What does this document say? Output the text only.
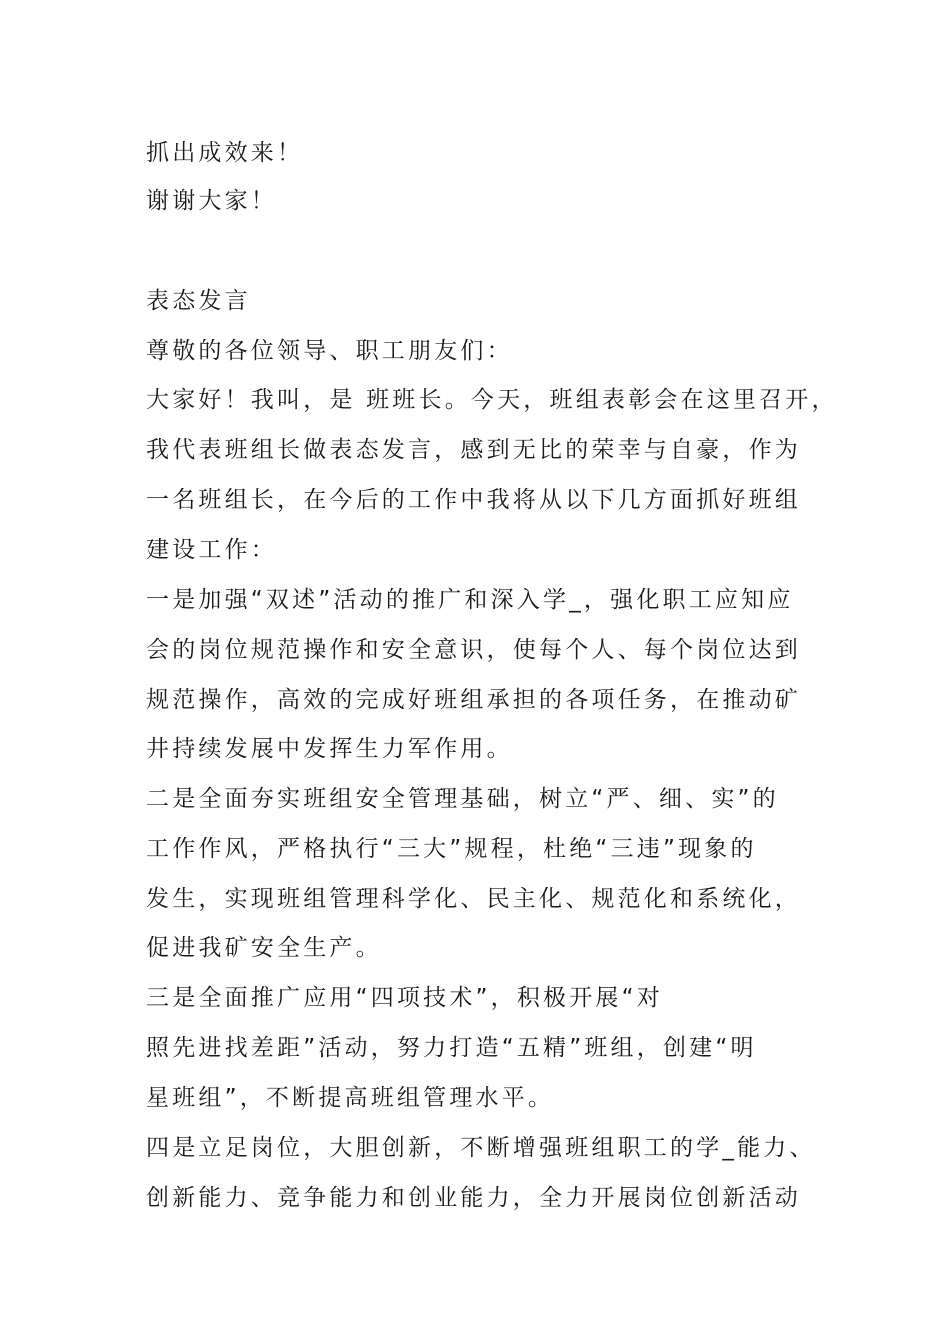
抓出成效来！
谢谢大家！
表态发言
尊敬的各位领导、职工朋友们：
大家好！我叫，是 班班长。今天，班组表彰会在这里召开，
我代表班组长做表态发言，感到无比的荣幸与自豪，作为
一名班组长，在今后的工作中我将从以下几方面抓好班组
建设工作：
一是加强“双述”活动的推广和深入学_，强化职工应知应
会的岗位规范操作和安全意识，使每个人、每个岗位达到
规范操作，高效的完成好班组承担的各项任务，在推动矿
井持续发展中发挥生力军作用。
二是全面夯实班组安全管理基础，树立“严、细、实”的
工作作风，严格执行“三大”规程，杜绝“三违”现象的
发生，实现班组管理科学化、民主化、规范化和系统化，
促进我矿安全生产。
三是全面推广应用“四项技术”，积极开展“对
照先进找差距”活动，努力打造“五精”班组，创建“明
星班组”，不断提高班组管理水平。
四是立足岗位，大胆创新，不断增强班组职工的学_能力、
创新能力、竞争能力和创业能力，全力开展岗位创新活动
